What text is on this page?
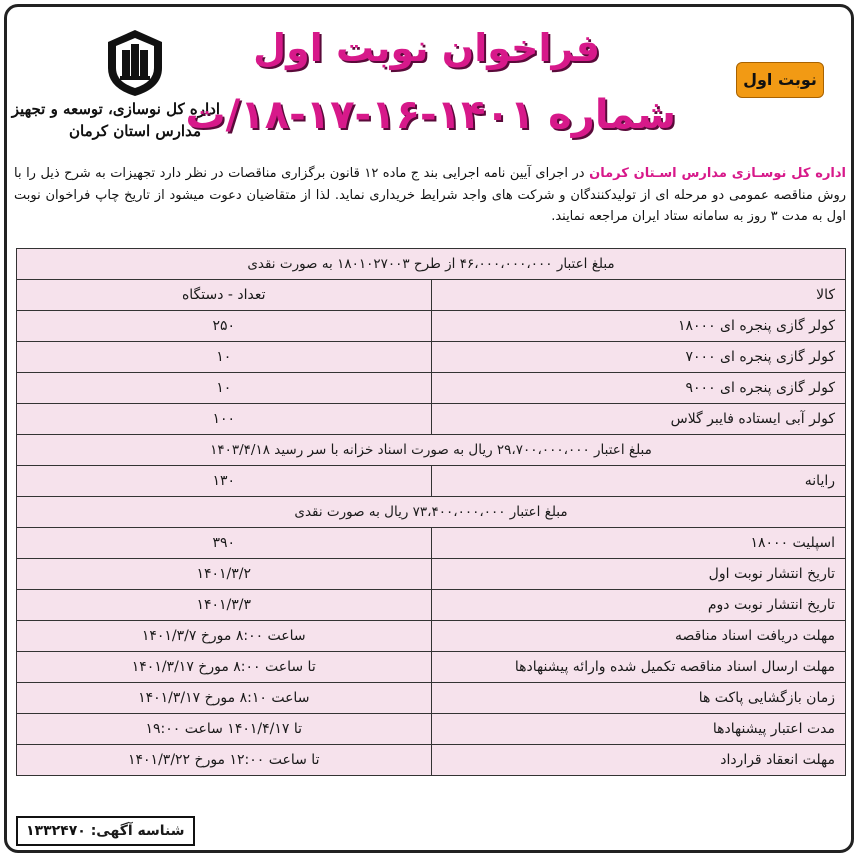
اداره کل نوسازی، توسعه و تجهیز
مدارس استان کرمان
فراخوان نوبت اول
شماره ۱۴۰۱-۱۶-۱۷-۱۸/ت
نوبت اول
اداره کل نوسـازی مدارس اسـتان کرمان در اجرای آیین نامه اجرایی بند ج ماده ۱۲ قانون برگزاری مناقصات در نظر دارد تجهیزات به شرح ذیل را با روش مناقصه عمومی دو مرحله ای از تولیدکنندگان و شرکت های واجد شرایط خریداری نماید. لذا از متقاضیان دعوت میشود از تاریخ چاپ فراخوان نوبت اول به مدت ۳ روز به سامانه ستاد ایران مراجعه نمایند.
مبلغ اعتبار ۴۶،۰۰۰،۰۰۰،۰۰۰ از طرح ۱۸۰۱۰۲۷۰۰۳ به صورت نقدی	
کالا	تعداد - دستگاه
کولر گازی پنجره ای ۱۸۰۰۰	۲۵۰
کولر گازی پنجره ای ۷۰۰۰	۱۰
کولر گازی پنجره ای ۹۰۰۰	۱۰
کولر آبی ایستاده فایبر گلاس	۱۰۰
مبلغ اعتبار ۲۹،۷۰۰،۰۰۰،۰۰۰ ریال به صورت اسناد خزانه با سر رسید ۱۴۰۳/۴/۱۸	
رایانه	۱۳۰
مبلغ اعتبار ۷۳،۴۰۰،۰۰۰،۰۰۰ ریال به صورت نقدی	
اسپلیت ۱۸۰۰۰	۳۹۰
تاریخ انتشار نوبت اول	۱۴۰۱/۳/۲
تاریخ انتشار نوبت دوم	۱۴۰۱/۳/۳
مهلت دریافت اسناد مناقصه	ساعت ۸:۰۰ مورخ ۱۴۰۱/۳/۷
مهلت ارسال اسناد مناقصه تکمیل شده وارائه پیشنهادها	تا ساعت ۸:۰۰ مورخ ۱۴۰۱/۳/۱۷
زمان بازگشایی پاکت ها	ساعت ۸:۱۰ مورخ ۱۴۰۱/۳/۱۷
مدت اعتبار پیشنهادها	تا ۱۴۰۱/۴/۱۷ ساعت ۱۹:۰۰
مهلت انعقاد قرارداد	تا ساعت ۱۲:۰۰ مورخ ۱۴۰۱/۳/۲۲
شناسه آگهی: ۱۳۳۲۴۷۰
